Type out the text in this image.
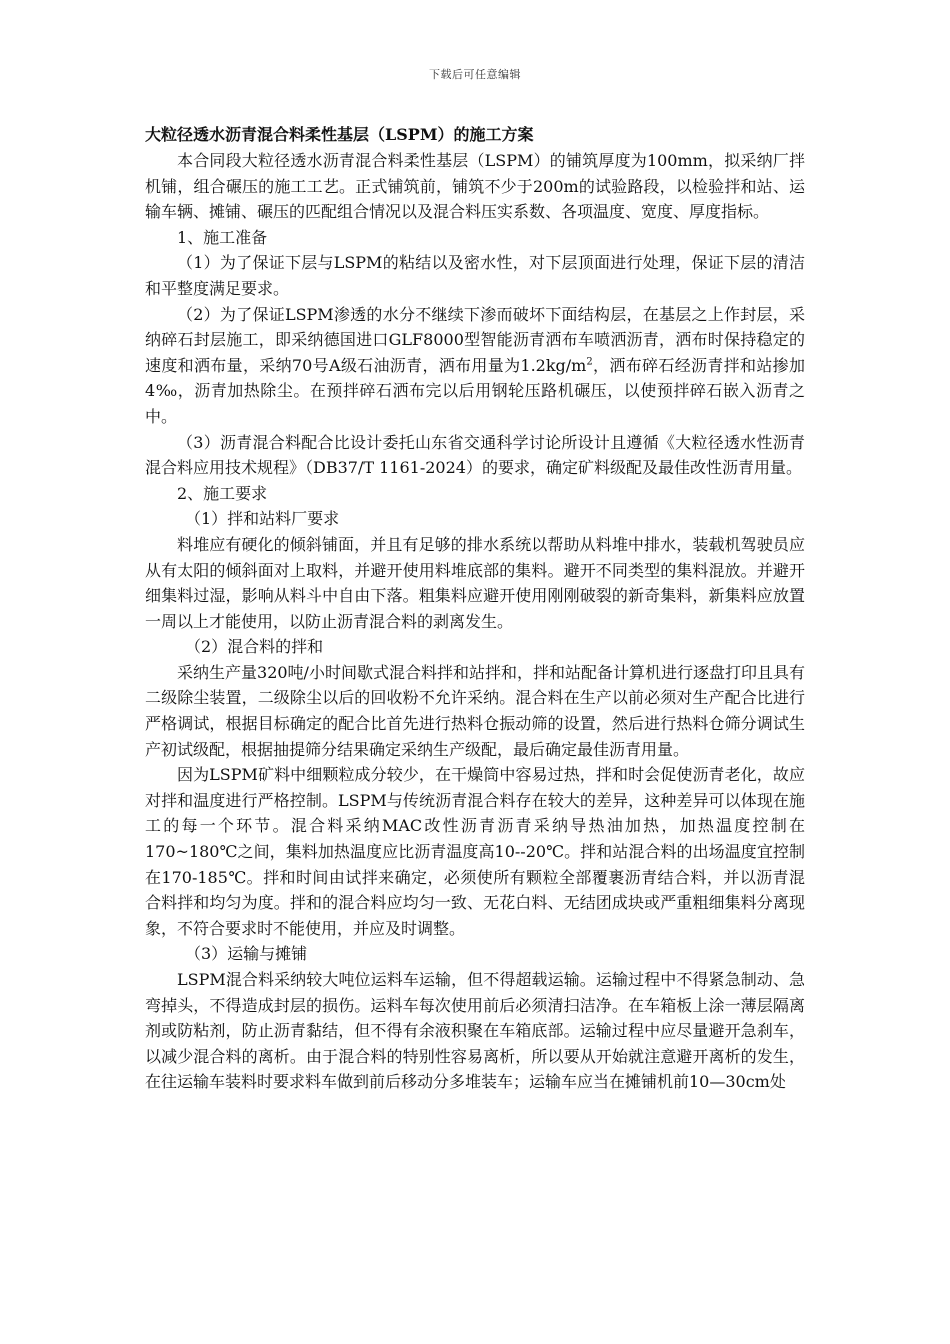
下载后可任意编辑

大粒径透水沥青混合料柔性基层（LSPM）的施工方案

本合同段大粒径透水沥青混合料柔性基层（LSPM）的铺筑厚度为100mm，拟采纳厂拌机铺，组合碾压的施工工艺。正式铺筑前，铺筑不少于200m的试验路段，以检验拌和站、运输车辆、摊铺、碾压的匹配组合情况以及混合料压实系数、各项温度、宽度、厚度指标。

1、施工准备

（1）为了保证下层与LSPM的粘结以及密水性，对下层顶面进行处理，保证下层的清洁和平整度满足要求。

（2）为了保证LSPM渗透的水分不继续下渗而破坏下面结构层，在基层之上作封层，采纳碎石封层施工，即采纳德国进口GLF8000型智能沥青洒布车喷洒沥青，洒布时保持稳定的速度和洒布量，采纳70号A级石油沥青，洒布用量为$1.2kg/m^2$，洒布碎石经沥青拌和站掺加4‰，沥青加热除尘。在预拌碎石洒布完以后用钢轮压路机碾压，以使预拌碎石嵌入沥青之中。

（3）沥青混合料配合比设计委托山东省交通科学讨论所设计且遵循《大粒径透水性沥青混合料应用技术规程》（DB37/T 1161-2024）的要求，确定矿料级配及最佳改性沥青用量。

2、施工要求

（1）拌和站料厂要求

料堆应有硬化的倾斜铺面，并且有足够的排水系统以帮助从料堆中排水，装载机驾驶员应从有太阳的倾斜面对上取料，并避开使用料堆底部的集料。避开不同类型的集料混放。并避开细集料过湿，影响从料斗中自由下落。粗集料应避开使用刚刚破裂的新奇集料，新集料应放置一周以上才能使用，以防止沥青混合料的剥离发生。

（2）混合料的拌和

采纳生产量320吨/小时间歇式混合料拌和站拌和，拌和站配备计算机进行逐盘打印且具有二级除尘装置，二级除尘以后的回收粉不允许采纳。混合料在生产以前必须对生产配合比进行严格调试，根据目标确定的配合比首先进行热料仓振动筛的设置，然后进行热料仓筛分调试生产初试级配，根据抽提筛分结果确定采纳生产级配，最后确定最佳沥青用量。

因为LSPM矿料中细颗粒成分较少，在干燥筒中容易过热，拌和时会促使沥青老化，故应对拌和温度进行严格控制。LSPM与传统沥青混合料存在较大的差异，这种差异可以体现在施工的每一个环节。混合料采纳MAC改性沥青沥青采纳导热油加热，加热温度控制在170~180℃之间，集料加热温度应比沥青温度高10--20℃。拌和站混合料的出场温度宜控制在170-185℃。拌和时间由试拌来确定，必须使所有颗粒全部覆裹沥青结合料，并以沥青混合料拌和均匀为度。拌和的混合料应均匀一致、无花白料、无结团成块或严重粗细集料分离现象，不符合要求时不能使用，并应及时调整。

（3）运输与摊铺

LSPM混合料采纳较大吨位运料车运输，但不得超载运输。运输过程中不得紧急制动、急弯掉头，不得造成封层的损伤。运料车每次使用前后必须清扫洁净。在车箱板上涂一薄层隔离剂或防粘剂，防止沥青黏结，但不得有余液积聚在车箱底部。运输过程中应尽量避开急刹车，以减少混合料的离析。由于混合料的特别性容易离析，所以要从开始就注意避开离析的发生，在往运输车装料时要求料车做到前后移动分多堆装车；运输车应当在摊铺机前10—30cm处
